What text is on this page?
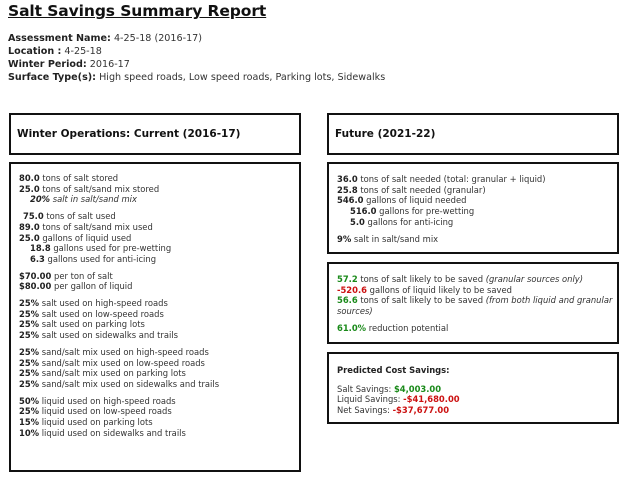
Salt Savings Summary Report
Assessment Name: 4-25-18 (2016-17)
Location : 4-25-18
Winter Period: 2016-17
Surface Type(s): High speed roads, Low speed roads, Parking lots, Sidewalks
Winter Operations: Current (2016-17)	Future (2021-22)
80.0 tons of salt stored
25.0 tons of salt/sand mix stored
20% salt in salt/sand mix
75.0 tons of salt used
89.0 tons of salt/sand mix used
25.0 gallons of liquid used
18.8 gallons used for pre-wetting
6.3 gallons used for anti-icing
$70.00 per ton of salt
$80.00 per gallon of liquid
25% salt used on high-speed roads
25% salt used on low-speed roads
25% salt used on parking lots
25% salt used on sidewalks and trails
25% sand/salt mix used on high-speed roads
25% sand/salt mix used on low-speed roads
25% sand/salt mix used on parking lots
25% sand/salt mix used on sidewalks and trails
50% liquid used on high-speed roads
25% liquid used on low-speed roads
15% liquid used on parking lots
10% liquid used on sidewalks and trails
36.0 tons of salt needed (total: granular + liquid)
25.8 tons of salt needed (granular)
546.0 gallons of liquid needed
516.0 gallons for pre-wetting
5.0 gallons for anti-icing
9% salt in salt/sand mix
57.2 tons of salt likely to be saved (granular sources only)
-520.6 gallons of liquid likely to be saved
56.6 tons of salt likely to be saved (from both liquid and granular
sources)
61.0% reduction potential
Predicted Cost Savings:
Salt Savings: $4,003.00
Liquid Savings: -$41,680.00
Net Savings: -$37,677.00
